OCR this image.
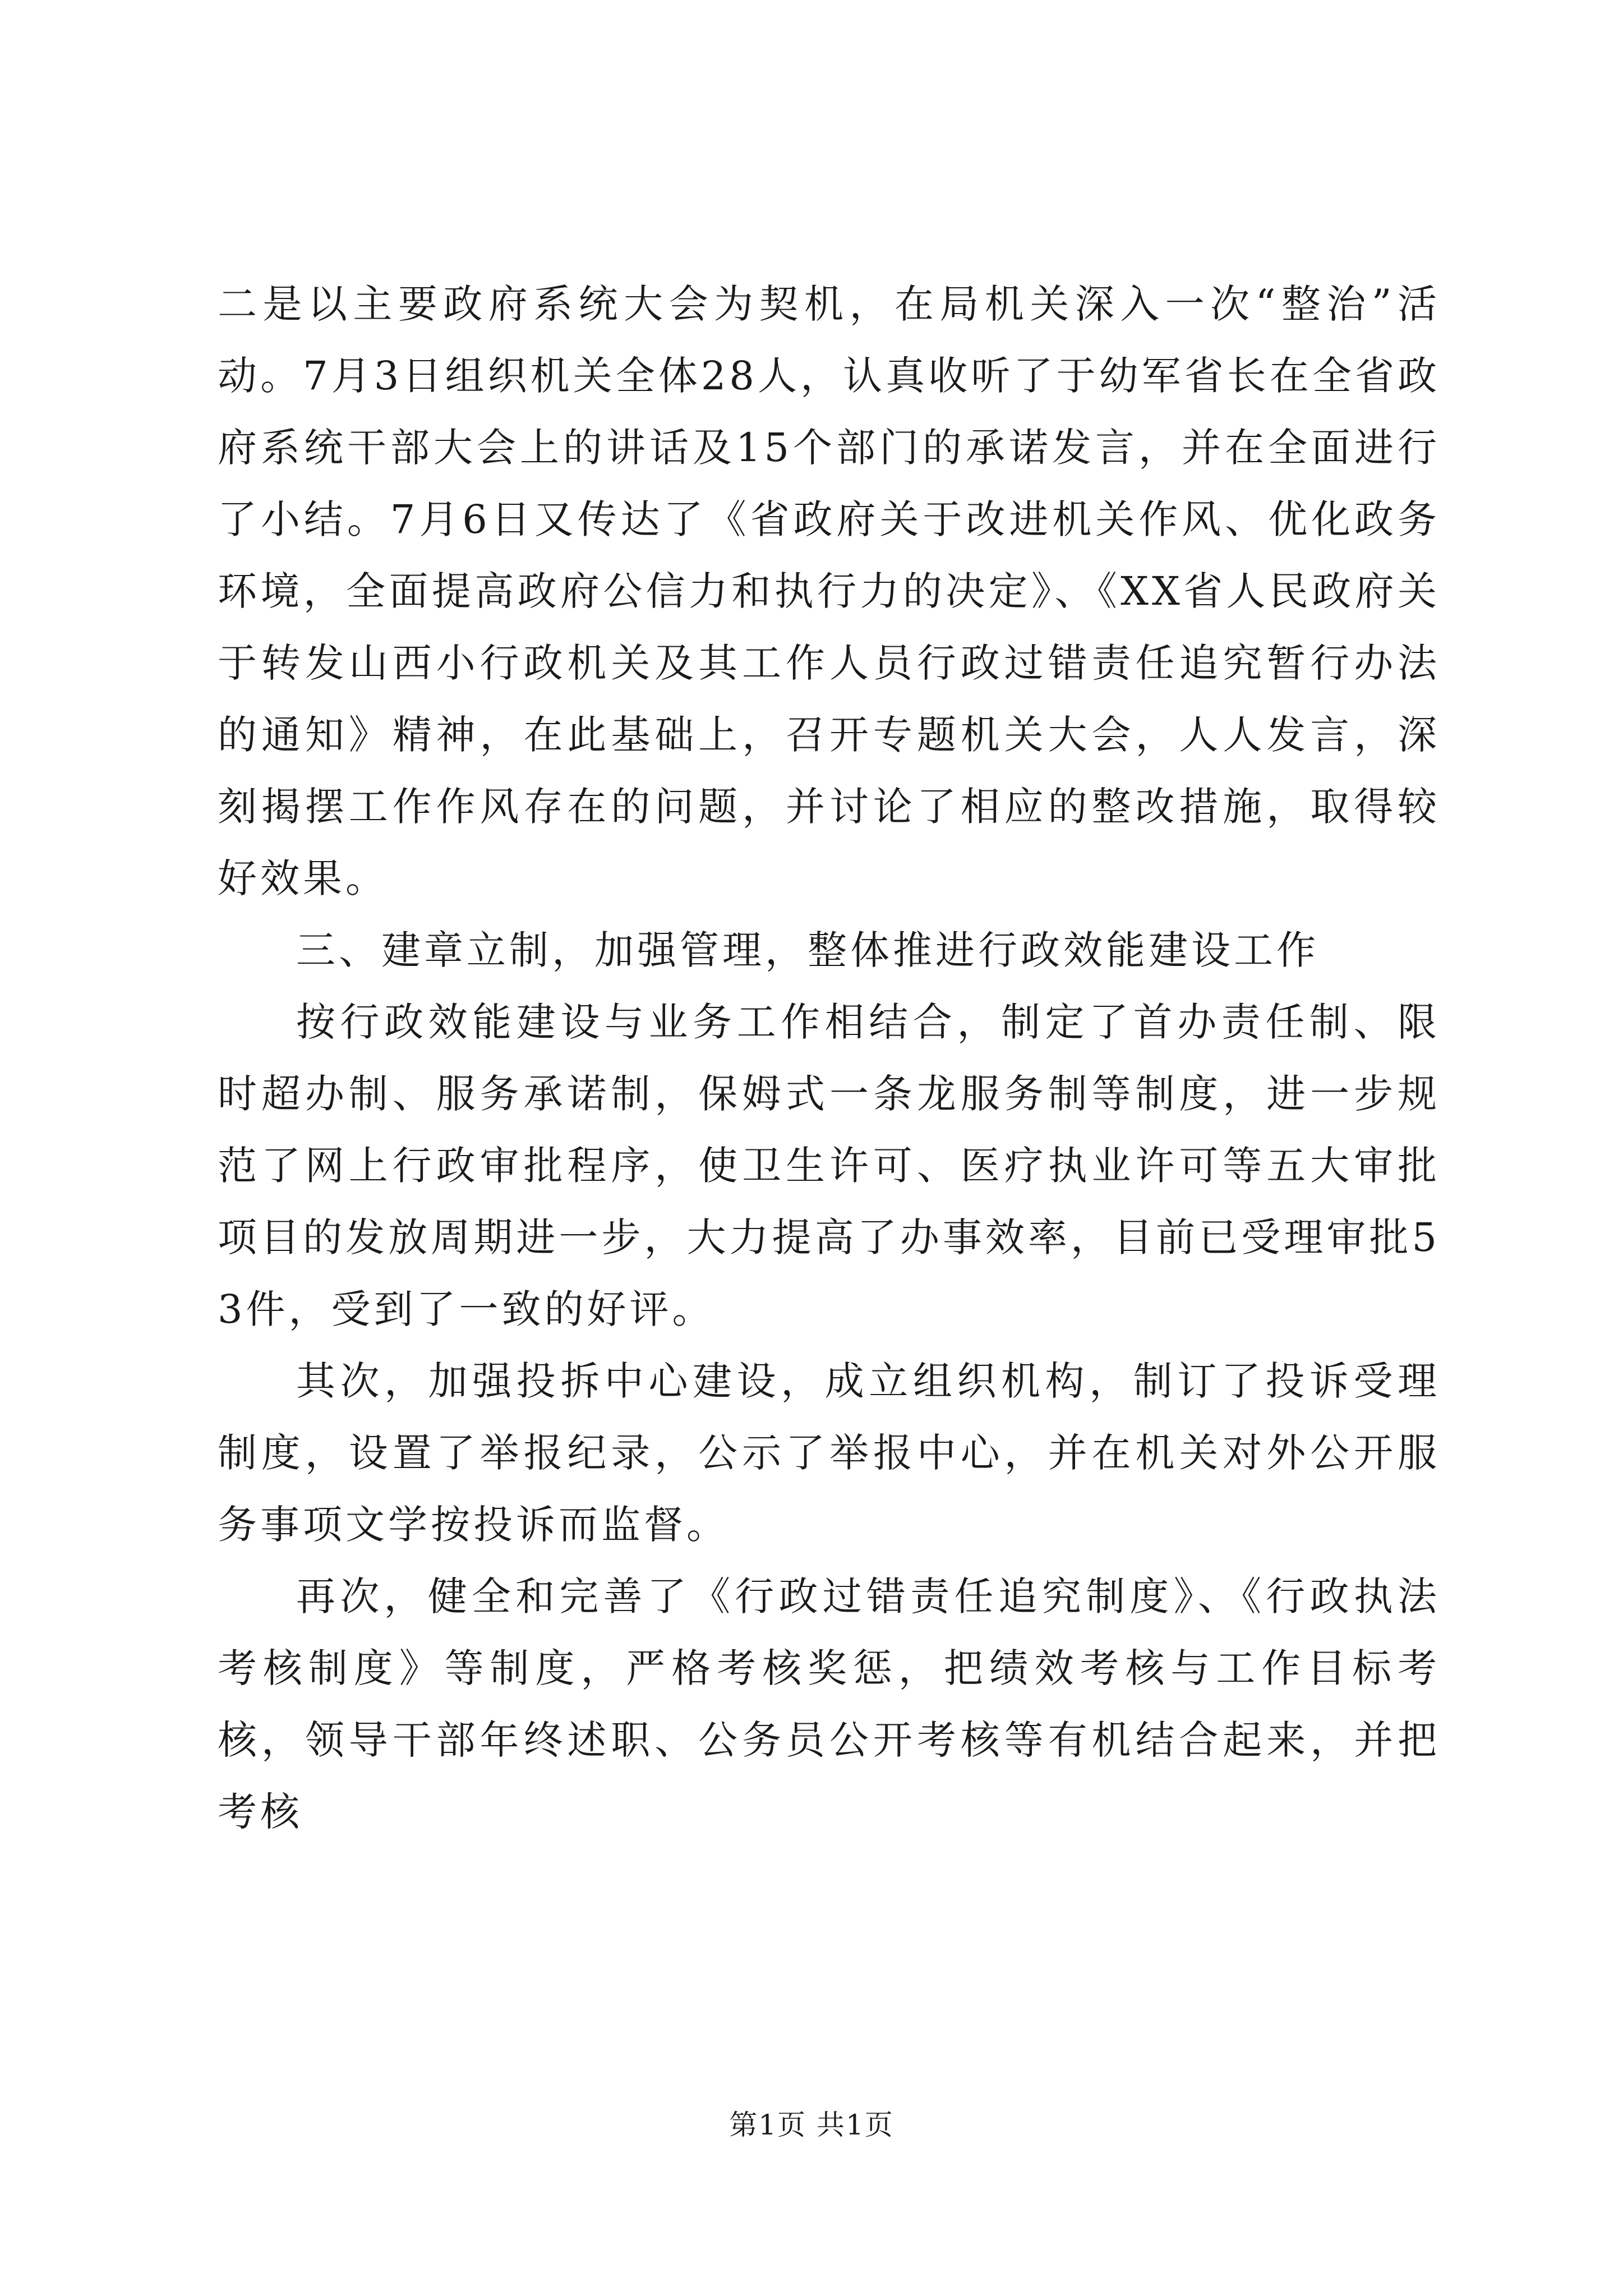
二是以主要政府系统大会为契机，在局机关深入一次“整治”活动。7月3日组织机关全体28人，认真收听了于幼军省长在全省政府系统干部大会上的讲话及15个部门的承诺发言，并在全面进行了小结。7月6日又传达了《省政府关于改进机关作风、优化政务环境，全面提高政府公信力和执行力的决定》、《XX省人民政府关于转发山西小行政机关及其工作人员行政过错责任追究暂行办法的通知》精神，在此基础上，召开专题机关大会，人人发言，深刻揭摆工作作风存在的问题，并讨论了相应的整改措施，取得较好效果。

三、建章立制，加强管理，整体推进行政效能建设工作

按行政效能建设与业务工作相结合，制定了首办责任制、限时超办制、服务承诺制，保姆式一条龙服务制等制度，进一步规范了网上行政审批程序，使卫生许可、医疗执业许可等五大审批项目的发放周期进一步，大力提高了办事效率，目前已受理审批53件，受到了一致的好评。

其次，加强投拆中心建设，成立组织机构，制订了投诉受理制度，设置了举报纪录，公示了举报中心，并在机关对外公开服务事项文学按投诉而监督。

再次，健全和完善了《行政过错责任追究制度》、《行政执法考核制度》等制度，严格考核奖惩，把绩效考核与工作目标考核，领导干部年终述职、公务员公开考核等有机结合起来，并把考核

第1页 共1页
